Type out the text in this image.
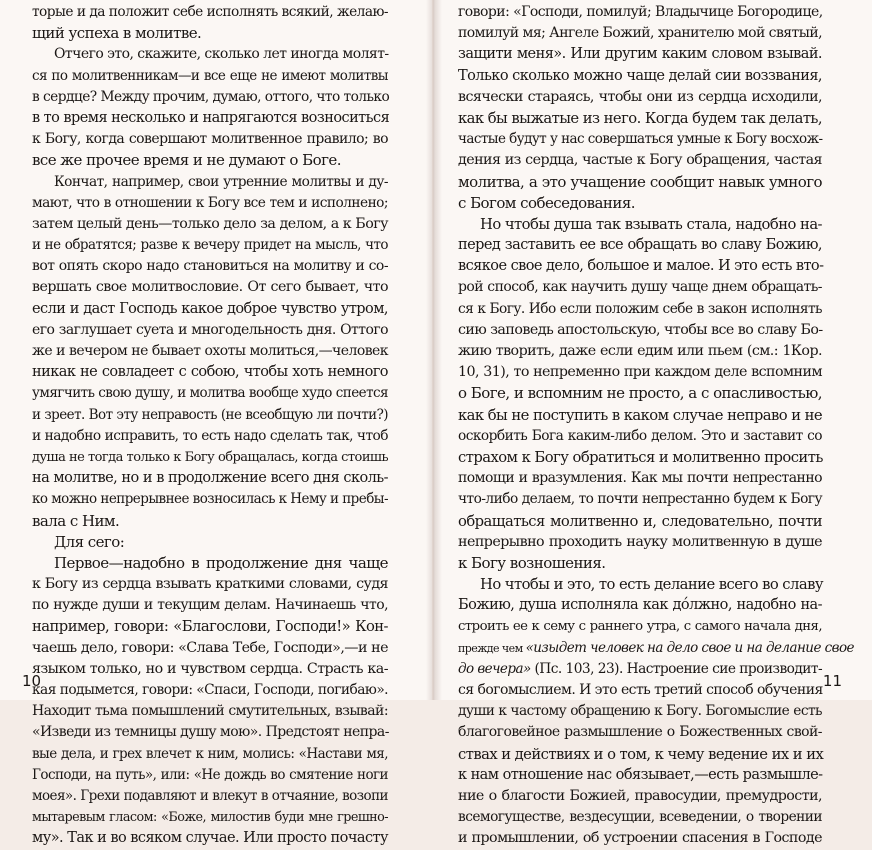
торые и да положит себе исполнять всякий, желаю-
щий успеха в молитве.
Отчего это, скажите, сколько лет иногда молят-
ся по молитвенникам—и все еще не имеют молитвы
в сердце? Между прочим, думаю, оттого, что только
в то время несколько и напрягаются возноситься
к Богу, когда совершают молитвенное правило; во
все же прочее время и не думают о Боге.
Кончат, например, свои утренние молитвы и ду-
мают, что в отношении к Богу все тем и исполнено;
затем целый день—только дело за делом, а к Богу
и не обратятся; разве к вечеру придет на мысль, что
вот опять скоро надо становиться на молитву и со-
вершать свое молитвословие. От сего бывает, что
если и даст Господь какое доброе чувство утром,
его заглушает суета и многодельность дня. Оттого
же и вечером не бывает охоты молиться,—человек
никак не совладеет с собою, чтобы хоть немного
умягчить свою душу, и молитва вообще худо спеется
и зреет. Вот эту неправость (не всеобщую ли почти?)
и надобно исправить, то есть надо сделать так, чтоб
душа не тогда только к Богу обращалась, когда стоишь
на молитве, но и в продолжение всего дня сколь-
ко можно непрерывнее возносилась к Нему и пребы-
вала с Ним.
Для сего:
Первое—надобно в продолжение дня чаще
к Богу из сердца взывать краткими словами, судя
по нужде души и текущим делам. Начинаешь что,
например, говори: «Благослови, Господи!» Кон-
чаешь дело, говори: «Слава Тебе, Господи»,—и не
языком только, но и чувством сердца. Страсть ка-
кая подымется, говори: «Спаси, Господи, погибаю».
Находит тьма помышлений смутительных, взывай:
«Изведи из темницы душу мою». Предстоят непра-
вые дела, и грех влечет к ним, молись: «Настави мя,
Господи, на путь», или: «Не дождь во смятение ноги
моея». Грехи подавляют и влекут в отчаяние, возопи
мытаревым гласом: «Боже, милостив буди мне грешно-
му». Так и во всяком случае. Или просто почасту
10
говори: «Господи, помилуй; Владычице Богородице,
помилуй мя; Ангеле Божий, хранителю мой святый,
защити меня». Или другим каким словом взывай.
Только сколько можно чаще делай сии воззвания,
всячески стараясь, чтобы они из сердца исходили,
как бы выжатые из него. Когда будем так делать,
частые будут у нас совершаться умные к Богу восхож-
дения из сердца, частые к Богу обращения, частая
молитва, а это учащение сообщит навык умного
с Богом собеседования.
Но чтобы душа так взывать стала, надобно на-
перед заставить ее все обращать во славу Божию,
всякое свое дело, большое и малое. И это есть вто-
рой способ, как научить душу чаще днем обращать-
ся к Богу. Ибо если положим себе в закон исполнять
сию заповедь апостольскую, чтобы все во славу Бо-
жию творить, даже если едим или пьем (см.: 1Кор.
10, 31), то непременно при каждом деле вспомним
о Боге, и вспомним не просто, а с опасливостью,
как бы не поступить в каком случае неправо и не
оскорбить Бога каким-либо делом. Это и заставит со
страхом к Богу обратиться и молитвенно просить
помощи и вразумления. Как мы почти непрестанно
что-либо делаем, то почти непрестанно будем к Богу
обращаться молитвенно и, следовательно, почти
непрерывно проходить науку молитвенную в душе
к Богу возношения.
Но чтобы и это, то есть делание всего во славу
Божию, душа исполняла как дóлжно, надобно на-
строить ее к сему с раннего утра, с самого начала дня,
прежде чем «изыдет человек на дело свое и на делание свое
до вечера» (Пс. 103, 23). Настроение сие производит-
ся богомыслием. И это есть третий способ обучения
души к частому обращению к Богу. Богомыслие есть
благоговейное размышление о Божественных свой-
ствах и действиях и о том, к чему ведение их и их
к нам отношение нас обязывает,—есть размышле-
ние о благости Божией, правосудии, премудрости,
всемогуществе, вездесущии, всеведении, о творении
и промышлении, об устроении спасения в Господе
11
